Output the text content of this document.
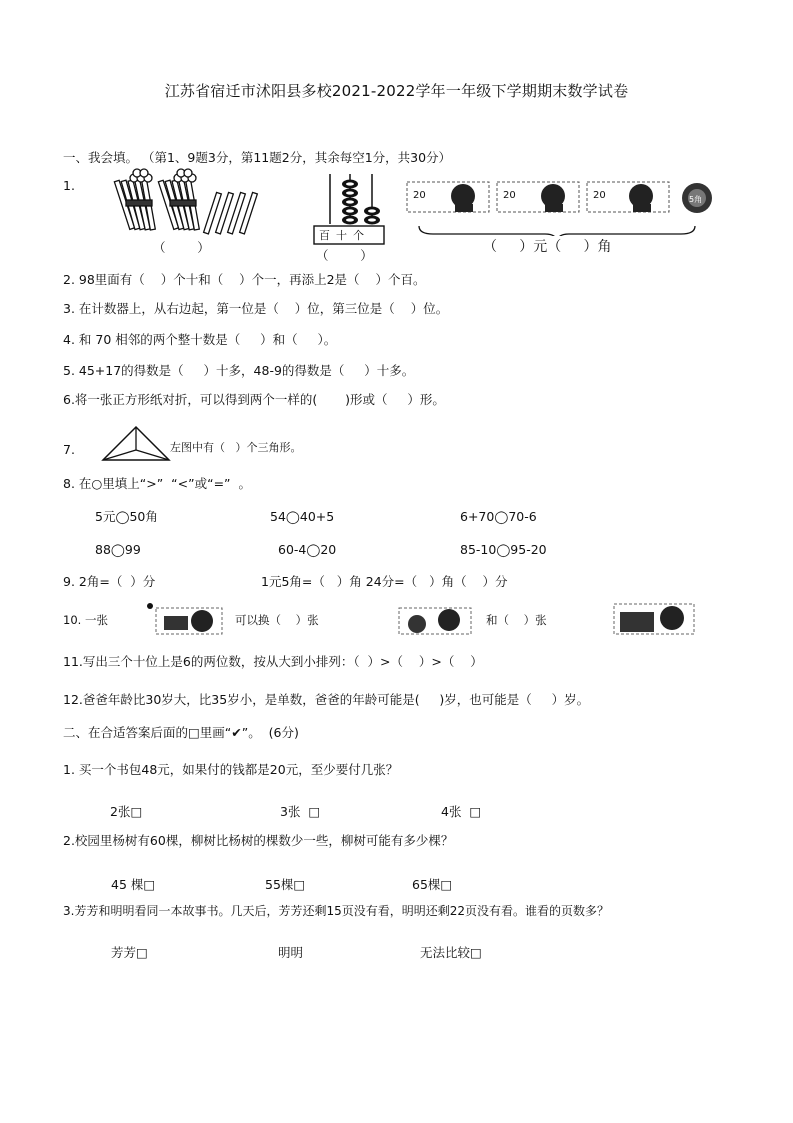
江苏省宿迁市沭阳县多校2021-2022学年一年级下学期期末数学试卷
一、我会填。 （第1、9题3分，第11题2分，其余每空1分，共30分）
1.
（        ）
百十个
（        ）
20	20	20	5角
（     ）元（     ）角
2. 98里面有（    ）个十和（    ）个一，再添上2是（    ）个百。
3. 在计数器上，从右边起，第一位是（    ）位，第三位是（    ）位。
4. 和 70 相邻的两个整十数是（     ）和（     ）。
5. 45+17的得数是（     ）十多，48-9的得数是（     ）十多。
6.将一张正方形纸对折，可以得到两个一样的(       )形或（     ）形。
7.	左图中有（   ）个三角形。
8. 在○里填上“>”  “<”或“=”  。
5元◯50角	54◯40+5	6+70◯70-6
88◯99	60-4◯20	85-10◯95-20
9. 2角=（  ）分	1元5角=（   ）角 24分=（   ）角（    ）分
10. 一张	可以换（    ）张	和（    ）张
11.写出三个十位上是6的两位数，按从大到小排列：（  ）>（    ）>（    ）
12.爸爸年龄比30岁大，比35岁小，是单数，爸爸的年龄可能是(     )岁，也可能是（     ）岁。
二、在合适答案后面的□里画“✔”。  (6分)
1. 买一个书包48元，如果付的钱都是20元，至少要付几张？
2张□	3张  □	4张  □
2.校园里杨树有60棵，柳树比杨树的棵数少一些，柳树可能有多少棵？
45 棵□	55棵□	65棵□
3.芳芳和明明看同一本故事书。几天后，芳芳还剩15页没有看，明明还剩22页没有看。谁看的页数多？
芳芳□	明明	无法比较□
